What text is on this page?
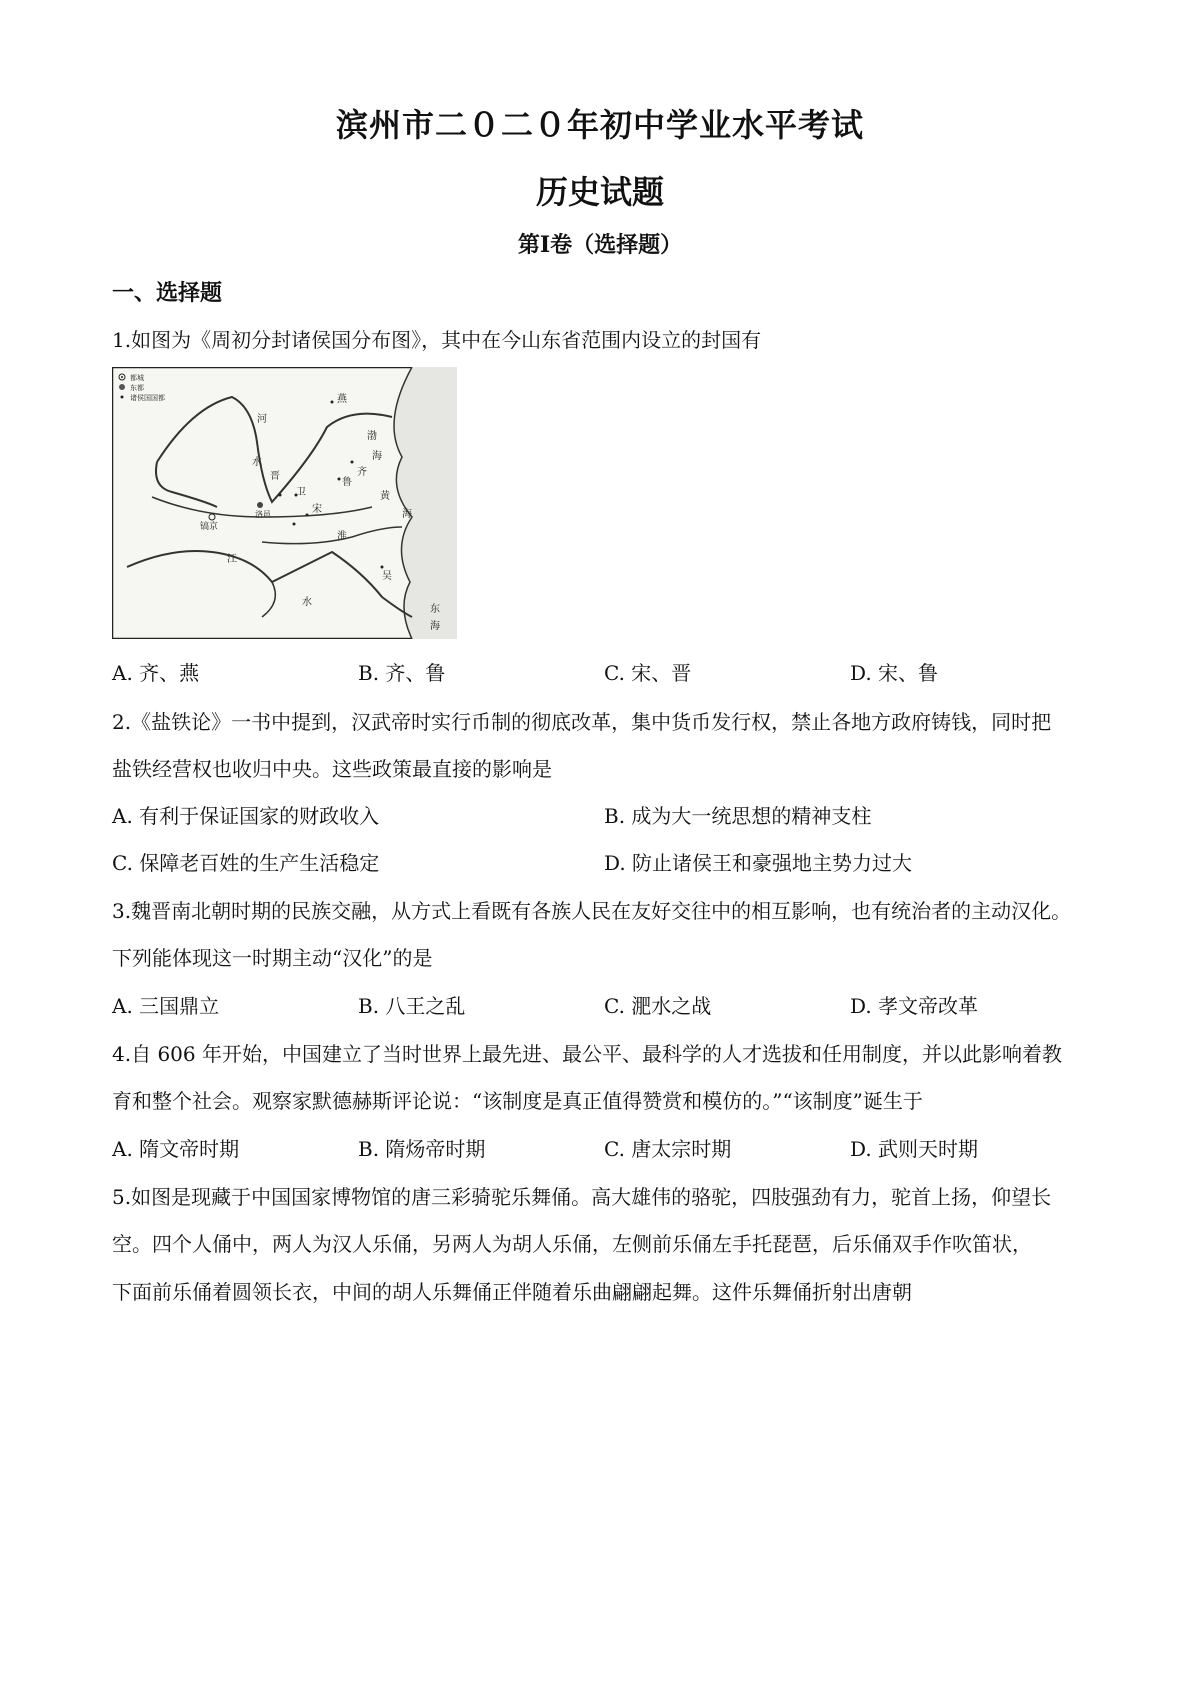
滨州市二０二０年初中学业水平考试
历史试题
第Ⅰ卷（选择题）
一、选择题
1.如图为《周初分封诸侯国分布图》，其中在今山东省范围内设立的封国有
都城
东都
诸侯国国都	燕
河
渤
海
齐
鲁
水
晋
卫
洛邑	宋
镐京
黄
海
淮
吴
江
水
东
海
A. 齐、燕	B. 齐、鲁	C. 宋、晋	D. 宋、鲁
2.《盐铁论》一书中提到，汉武帝时实行币制的彻底改革，集中货币发行权，禁止各地方政府铸钱，同时把
盐铁经营权也收归中央。这些政策最直接的影响是
A. 有利于保证国家的财政收入	B. 成为大一统思想的精神支柱
C. 保障老百姓的生产生活稳定	D. 防止诸侯王和豪强地主势力过大
3.魏晋南北朝时期的民族交融，从方式上看既有各族人民在友好交往中的相互影响，也有统治者的主动汉化。
下列能体现这一时期主动“汉化”的是
A. 三国鼎立	B. 八王之乱	C. 淝水之战	D. 孝文帝改革
4.自 606 年开始，中国建立了当时世界上最先进、最公平、最科学的人才选拔和任用制度，并以此影响着教
育和整个社会。观察家默德赫斯评论说：“该制度是真正值得赞赏和模仿的。”“该制度”诞生于
A. 隋文帝时期	B. 隋炀帝时期	C. 唐太宗时期	D. 武则天时期
5.如图是现藏于中国国家博物馆的唐三彩骑驼乐舞俑。高大雄伟的骆驼，四肢强劲有力，驼首上扬，仰望长
空。四个人俑中，两人为汉人乐俑，另两人为胡人乐俑，左侧前乐俑左手托琵琶，后乐俑双手作吹笛状，
下面前乐俑着圆领长衣，中间的胡人乐舞俑正伴随着乐曲翩翩起舞。这件乐舞俑折射出唐朝
